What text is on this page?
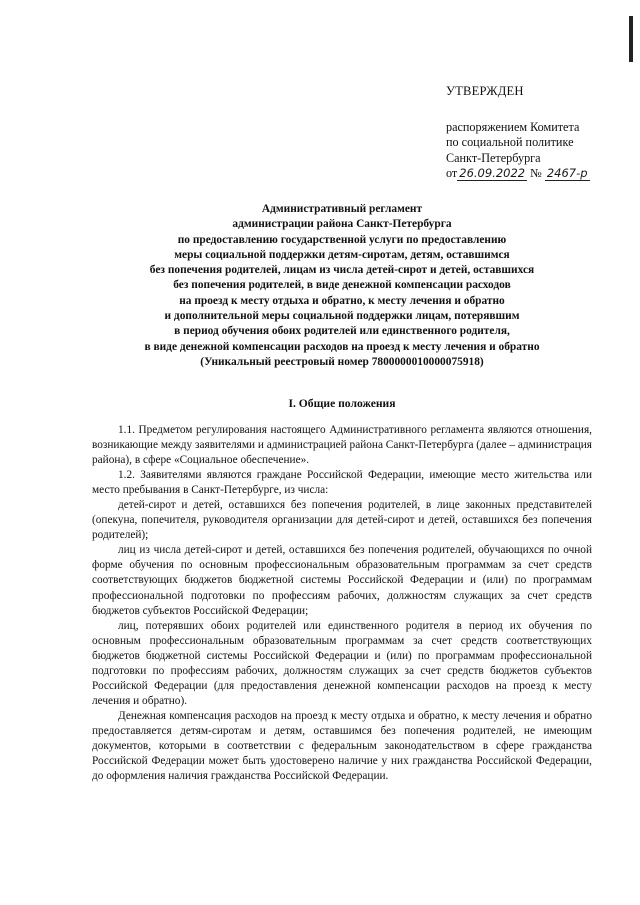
УТВЕРЖДЕН
распоряжением Комитета
по социальной политике
Санкт-Петербурга
от 26.09.2022 № 2467-р
Административный регламент
администрации района Санкт-Петербурга
по предоставлению государственной услуги по предоставлению
меры социальной поддержки детям-сиротам, детям, оставшимся
без попечения родителей, лицам из числа детей-сирот и детей, оставшихся
без попечения родителей, в виде денежной компенсации расходов
на проезд к месту отдыха и обратно, к месту лечения и обратно
и дополнительной меры социальной поддержки лицам, потерявшим
в период обучения обоих родителей или единственного родителя,
в виде денежной компенсации расходов на проезд к месту лечения и обратно
(Уникальный реестровый номер 7800000010000075918)
I. Общие положения

1.1. Предметом регулирования настоящего Административного регламента являются отношения, возникающие между заявителями и администрацией района Санкт-Петербурга (далее – администрация района), в сфере «Социальное обеспечение».

1.2. Заявителями являются граждане Российской Федерации, имеющие место жительства или место пребывания в Санкт-Петербурге, из числа:

детей-сирот и детей, оставшихся без попечения родителей, в лице законных представителей (опекуна, попечителя, руководителя организации для детей-сирот и детей, оставшихся без попечения родителей);

лиц из числа детей-сирот и детей, оставшихся без попечения родителей, обучающихся по очной форме обучения по основным профессиональным образовательным программам за счет средств соответствующих бюджетов бюджетной системы Российской Федерации и (или) по программам профессиональной подготовки по профессиям рабочих, должностям служащих за счет средств бюджетов субъектов Российской Федерации;

лиц, потерявших обоих родителей или единственного родителя в период их обучения по основным профессиональным образовательным программам за счет средств соответствующих бюджетов бюджетной системы Российской Федерации и (или) по программам профессиональной подготовки по профессиям рабочих, должностям служащих за счет средств бюджетов субъектов Российской Федерации (для предоставления денежной компенсации расходов на проезд к месту лечения и обратно).

Денежная компенсация расходов на проезд к месту отдыха и обратно, к месту лечения и обратно предоставляется детям-сиротам и детям, оставшимся без попечения родителей, не имеющим документов, которыми в соответствии с федеральным законодательством в сфере гражданства Российской Федерации может быть удостоверено наличие у них гражданства Российской Федерации, до оформления наличия гражданства Российской Федерации.
